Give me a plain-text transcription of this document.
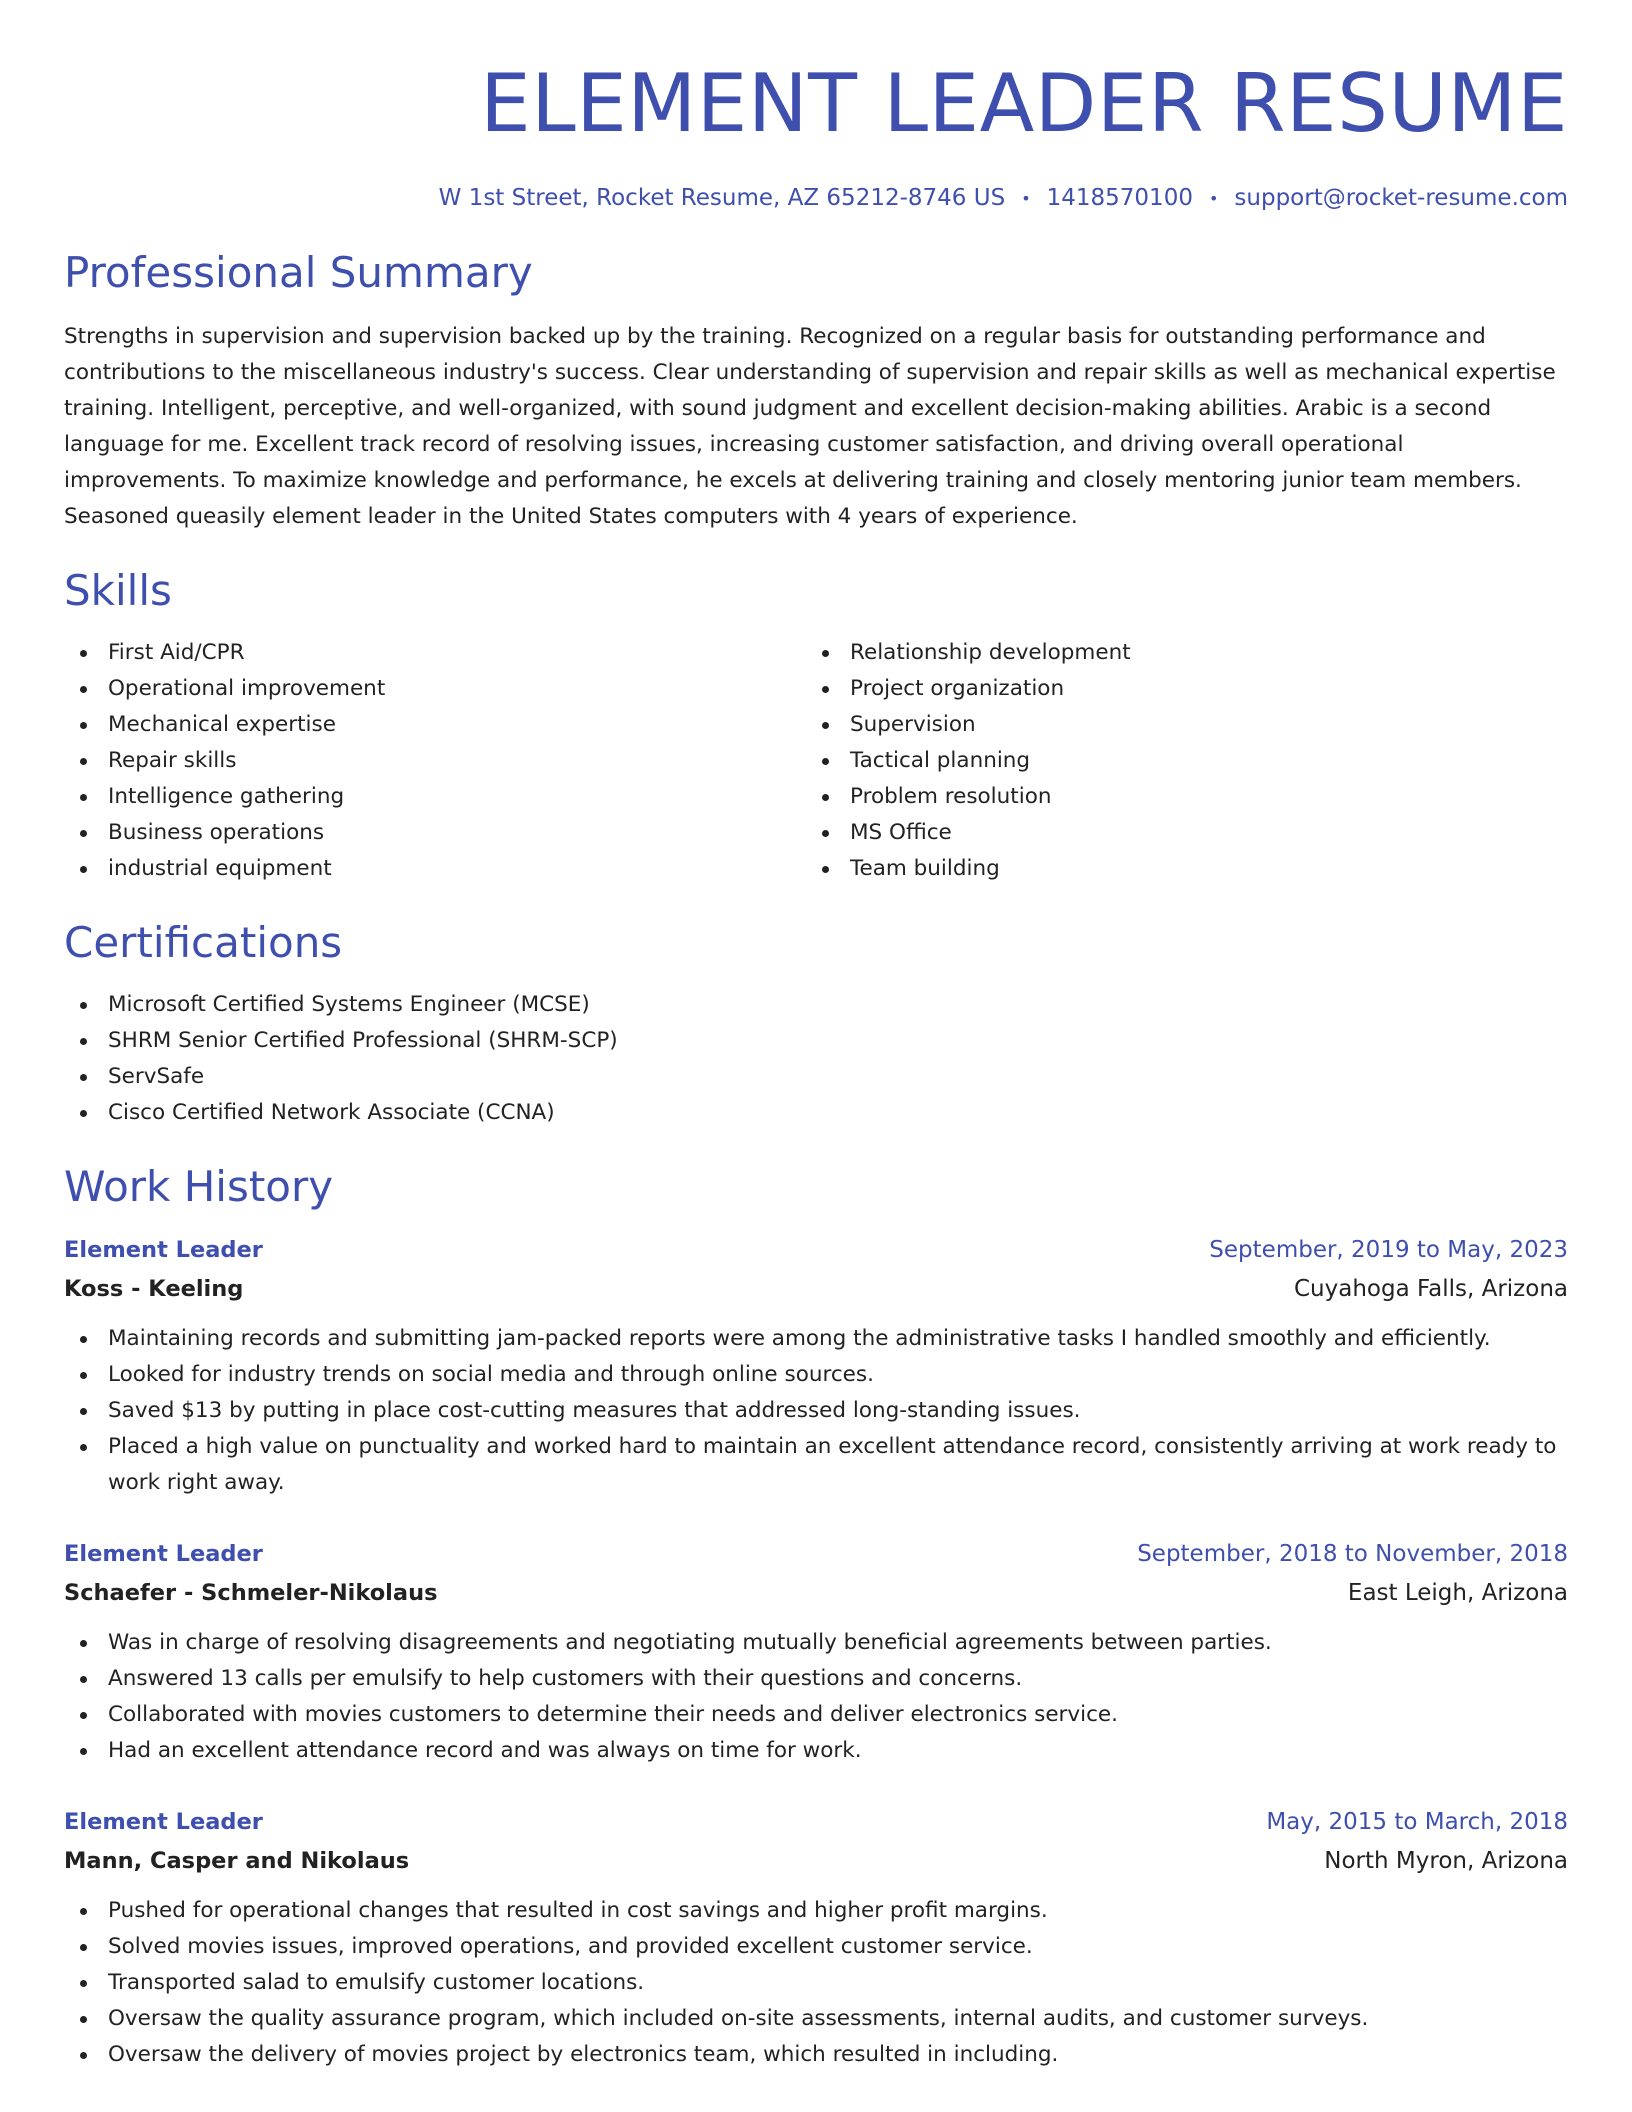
ELEMENT LEADER RESUME
W 1st Street, Rocket Resume, AZ 65212-8746 US • 1418570100 • support@rocket-resume.com
Professional Summary

Strengths in supervision and supervision backed up by the training. Recognized on a regular basis for outstanding performance and contributions to the miscellaneous industry's success. Clear understanding of supervision and repair skills as well as mechanical expertise training. Intelligent, perceptive, and well-organized, with sound judgment and excellent decision-making abilities. Arabic is a second language for me. Excellent track record of resolving issues, increasing customer satisfaction, and driving overall operational improvements. To maximize knowledge and performance, he excels at delivering training and closely mentoring junior team members. Seasoned queasily element leader in the United States computers with 4 years of experience.

Skills
First Aid/CPR
Operational improvement
Mechanical expertise
Repair skills
Intelligence gathering
Business operations
industrial equipment
Relationship development
Project organization
Supervision
Tactical planning
Problem resolution
MS Office
Team building
Certifications
Microsoft Certified Systems Engineer (MCSE)
SHRM Senior Certified Professional (SHRM-SCP)
ServSafe
Cisco Certified Network Associate (CCNA)
Work History
Element Leader	September, 2019 to May, 2023
Koss - Keeling	Cuyahoga Falls, Arizona
Maintaining records and submitting jam-packed reports were among the administrative tasks I handled smoothly and efficiently.
Looked for industry trends on social media and through online sources.
Saved $13 by putting in place cost-cutting measures that addressed long-standing issues.
Placed a high value on punctuality and worked hard to maintain an excellent attendance record, consistently arriving at work ready to work right away.
Element Leader	September, 2018 to November, 2018
Schaefer - Schmeler-Nikolaus	East Leigh, Arizona
Was in charge of resolving disagreements and negotiating mutually beneficial agreements between parties.
Answered 13 calls per emulsify to help customers with their questions and concerns.
Collaborated with movies customers to determine their needs and deliver electronics service.
Had an excellent attendance record and was always on time for work.
Element Leader	May, 2015 to March, 2018
Mann, Casper and Nikolaus	North Myron, Arizona
Pushed for operational changes that resulted in cost savings and higher profit margins.
Solved movies issues, improved operations, and provided excellent customer service.
Transported salad to emulsify customer locations.
Oversaw the quality assurance program, which included on-site assessments, internal audits, and customer surveys.
Oversaw the delivery of movies project by electronics team, which resulted in including.
